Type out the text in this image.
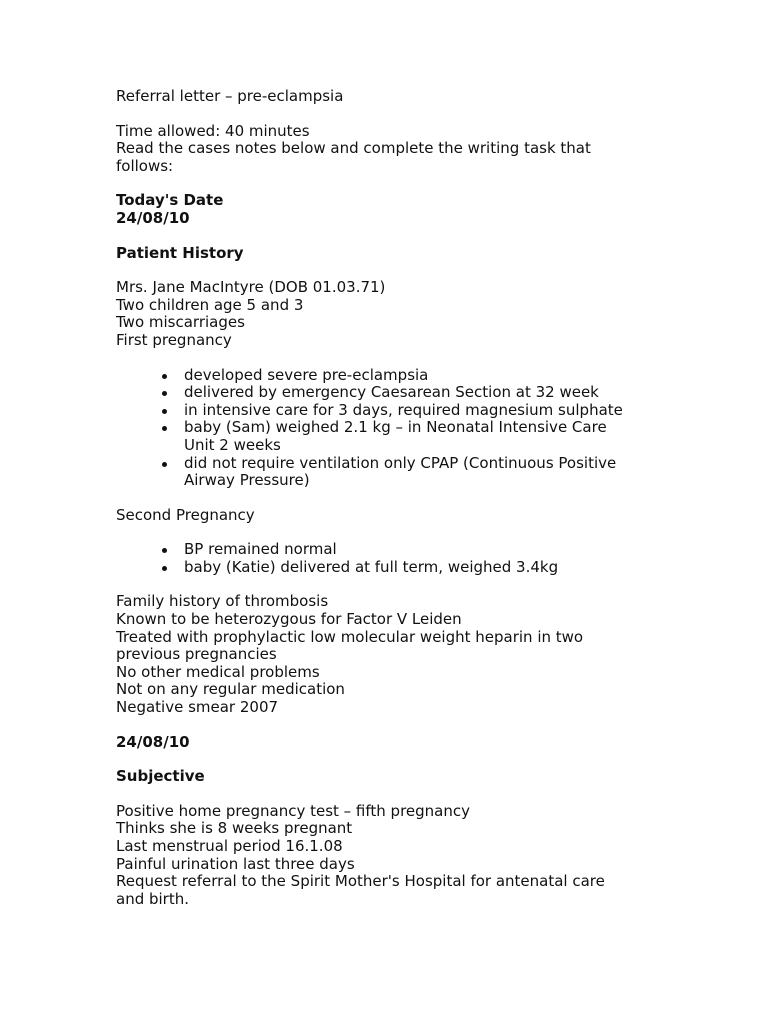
Referral letter – pre-eclampsia
Time allowed: 40 minutes
Read the cases notes below and complete the writing task that follows:
Today's Date
24/08/10
Patient History
Mrs. Jane MacIntyre (DOB 01.03.71)
Two children age 5 and 3
Two miscarriages
First pregnancy
developed severe pre-eclampsia
delivered by emergency Caesarean Section at 32 week
in intensive care for 3 days, required magnesium sulphate
baby (Sam) weighed 2.1 kg – in Neonatal Intensive Care Unit 2 weeks
did not require ventilation only CPAP (Continuous Positive Airway Pressure)
Second Pregnancy
BP remained normal
baby (Katie) delivered at full term, weighed 3.4kg
Family history of thrombosis
Known to be heterozygous for Factor V Leiden
Treated with prophylactic low molecular weight heparin in two previous pregnancies
No other medical problems
Not on any regular medication
Negative smear 2007
24/08/10
Subjective
Positive home pregnancy test – fifth pregnancy
Thinks she is 8 weeks pregnant
Last menstrual period 16.1.08
Painful urination last three days
Request referral to the Spirit Mother's Hospital for antenatal care and birth.
